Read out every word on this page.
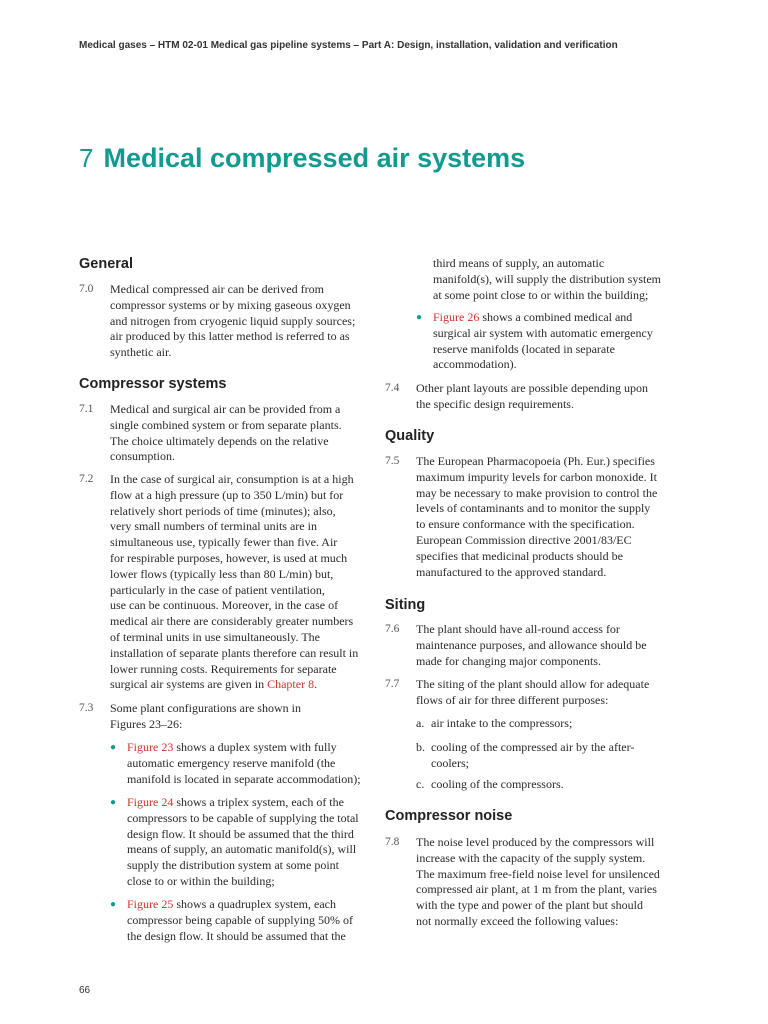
Medical gases – HTM 02-01 Medical gas pipeline systems – Part A: Design, installation, validation and verification
7 Medical compressed air systems
General
7.0 Medical compressed air can be derived from
compressor systems or by mixing gaseous oxygen
and nitrogen from cryogenic liquid supply sources;
air produced by this latter method is referred to as
synthetic air.
Compressor systems
7.1 Medical and surgical air can be provided from a
single combined system or from separate plants.
The choice ultimately depends on the relative
consumption.
7.2 In the case of surgical air, consumption is at a high
flow at a high pressure (up to 350 L/min) but for
relatively short periods of time (minutes); also,
very small numbers of terminal units are in
simultaneous use, typically fewer than five. Air
for respirable purposes, however, is used at much
lower flows (typically less than 80 L/min) but,
particularly in the case of patient ventilation,
use can be continuous. Moreover, in the case of
medical air there are considerably greater numbers
of terminal units in use simultaneously. The
installation of separate plants therefore can result in
lower running costs. Requirements for separate
surgical air systems are given in Chapter 8.
7.3 Some plant configurations are shown in
Figures 23–26:
● Figure 23 shows a duplex system with fully
automatic emergency reserve manifold (the
manifold is located in separate accommodation);
● Figure 24 shows a triplex system, each of the
compressors to be capable of supplying the total
design flow. It should be assumed that the third
means of supply, an automatic manifold(s), will
supply the distribution system at some point
close to or within the building;
● Figure 25 shows a quadruplex system, each
compressor being capable of supplying 50% of
the design flow. It should be assumed that the
third means of supply, an automatic
manifold(s), will supply the distribution system
at some point close to or within the building;
● Figure 26 shows a combined medical and
surgical air system with automatic emergency
reserve manifolds (located in separate
accommodation).
7.4 Other plant layouts are possible depending upon
the specific design requirements.
Quality
7.5 The European Pharmacopoeia (Ph. Eur.) specifies
maximum impurity levels for carbon monoxide. It
may be necessary to make provision to control the
levels of contaminants and to monitor the supply
to ensure conformance with the specification.
European Commission directive 2001/83/EC
specifies that medicinal products should be
manufactured to the approved standard.
Siting
7.6 The plant should have all-round access for
maintenance purposes, and allowance should be
made for changing major components.
7.7 The siting of the plant should allow for adequate
flows of air for three different purposes:
a. air intake to the compressors;
b. cooling of the compressed air by the after-
coolers;
c. cooling of the compressors.
Compressor noise
7.8 The noise level produced by the compressors will
increase with the capacity of the supply system.
The maximum free-field noise level for unsilenced
compressed air plant, at 1 m from the plant, varies
with the type and power of the plant but should
not normally exceed the following values:
66
